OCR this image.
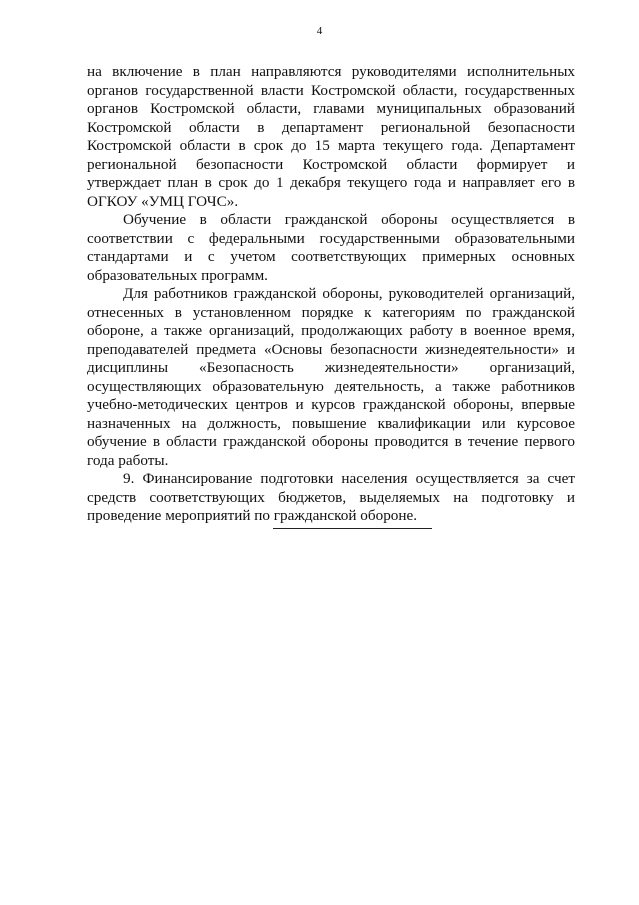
4
на включение в план направляются руководителями исполнительных
органов государственной власти Костромской области, государственных
органов Костромской области, главами муниципальных образований
Костромской области в департамент региональной безопасности
Костромской области в срок до 15 марта текущего года. Департамент
региональной безопасности Костромской области формирует и
утверждает план в срок до 1 декабря текущего года и направляет его в
ОГКОУ «УМЦ ГОЧС».
Обучение в области гражданской обороны осуществляется в
соответствии с федеральными государственными образовательными
стандартами и с учетом соответствующих примерных основных
образовательных программ.
Для работников гражданской обороны, руководителей организаций,
отнесенных в установленном порядке к категориям по гражданской
обороне, а также организаций, продолжающих работу в военное время,
преподавателей предмета «Основы безопасности жизнедеятельности» и
дисциплины «Безопасность жизнедеятельности» организаций,
осуществляющих образовательную деятельность, а также работников
учебно-методических центров и курсов гражданской обороны, впервые
назначенных на должность, повышение квалификации или курсовое
обучение в области гражданской обороны проводится в течение первого
года работы.
9. Финансирование подготовки населения осуществляется за счет
средств соответствующих бюджетов, выделяемых на подготовку и
проведение мероприятий по гражданской обороне.
